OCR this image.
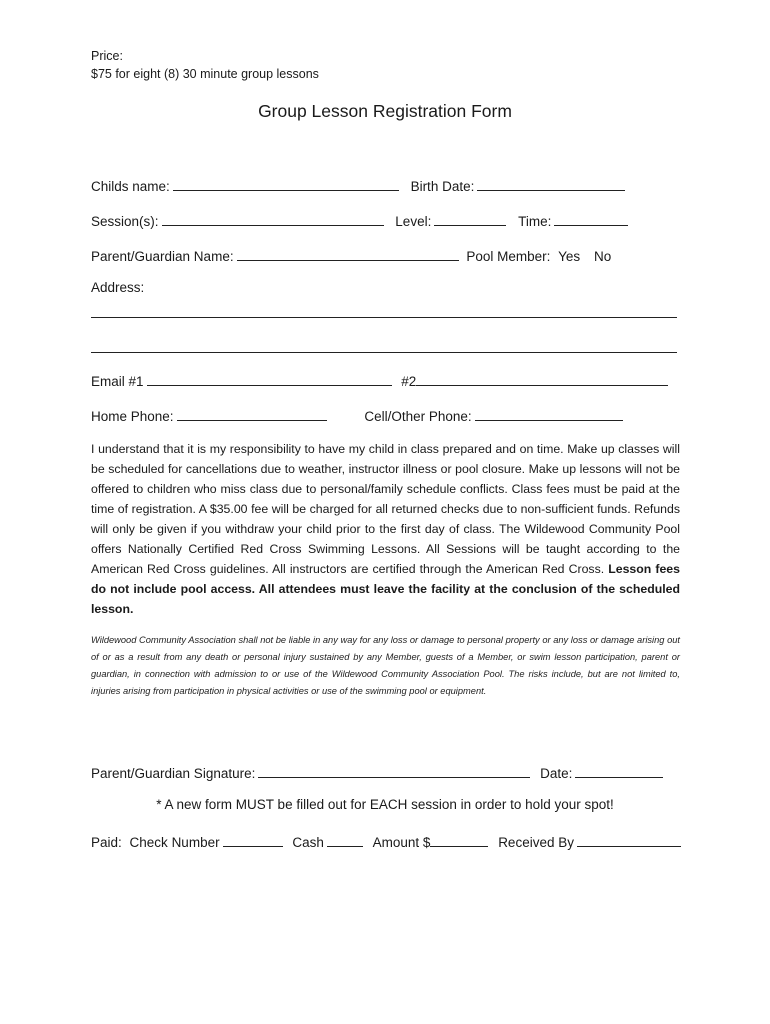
Price:
$75 for eight (8) 30 minute group lessons
Group Lesson Registration Form
Childs name:	Birth Date:
Session(s):	Level:	Time:
Parent/Guardian Name:	Pool Member: Yes No
Address:
Email #1	#2
Home Phone:	Cell/Other Phone:
I understand that it is my responsibility to have my child in class prepared and on time. Make up classes will be scheduled for cancellations due to weather, instructor illness or pool closure. Make up lessons will not be offered to children who miss class due to personal/family schedule conflicts. Class fees must be paid at the time of registration. A $35.00 fee will be charged for all returned checks due to non-sufficient funds. Refunds will only be given if you withdraw your child prior to the first day of class. The Wildewood Community Pool offers Nationally Certified Red Cross Swimming Lessons. All Sessions will be taught according to the American Red Cross guidelines. All instructors are certified through the American Red Cross. Lesson fees do not include pool access. All attendees must leave the facility at the conclusion of the scheduled lesson.
Wildewood Community Association shall not be liable in any way for any loss or damage to personal property or any loss or damage arising out of or as a result from any death or personal injury sustained by any Member, guests of a Member, or swim lesson participation, parent or guardian, in connection with admission to or use of the Wildewood Community Association Pool. The risks include, but are not limited to, injuries arising from participation in physical activities or use of the swimming pool or equipment.
Parent/Guardian Signature:	Date:
* A new form MUST be filled out for EACH session in order to hold your spot!
Paid: Check Number	Cash	Amount $	Received By
